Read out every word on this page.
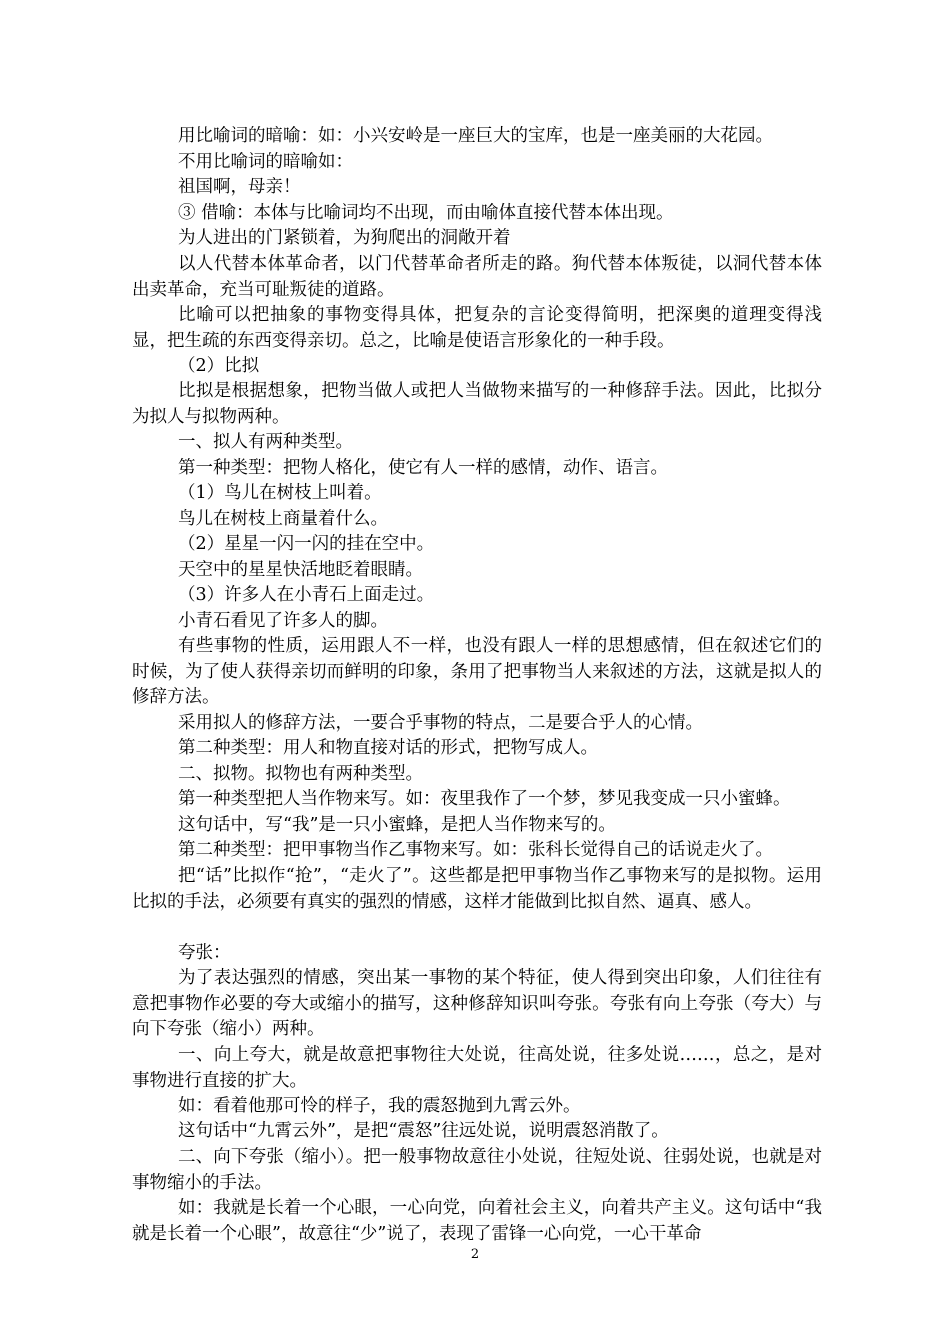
用比喻词的暗喻：如：小兴安岭是一座巨大的宝库，也是一座美丽的大花园。

不用比喻词的暗喻如：

祖国啊，母亲！

③ 借喻：本体与比喻词均不出现，而由喻体直接代替本体出现。

为人进出的门紧锁着，为狗爬出的洞敞开着

以人代替本体革命者，以门代替革命者所走的路。狗代替本体叛徒，以洞代替本体出卖革命，充当可耻叛徒的道路。

比喻可以把抽象的事物变得具体，把复杂的言论变得简明，把深奥的道理变得浅显，把生疏的东西变得亲切。总之，比喻是使语言形象化的一种手段。

（2）比拟

比拟是根据想象，把物当做人或把人当做物来描写的一种修辞手法。因此，比拟分为拟人与拟物两种。

一、拟人有两种类型。

第一种类型：把物人格化，使它有人一样的感情，动作、语言。

（1）鸟儿在树枝上叫着。

鸟儿在树枝上商量着什么。

（2）星星一闪一闪的挂在空中。

天空中的星星快活地眨着眼睛。

（3）许多人在小青石上面走过。

小青石看见了许多人的脚。

有些事物的性质，运用跟人不一样，也没有跟人一样的思想感情，但在叙述它们的时候，为了使人获得亲切而鲜明的印象，条用了把事物当人来叙述的方法，这就是拟人的修辞方法。

采用拟人的修辞方法，一要合乎事物的特点，二是要合乎人的心情。

第二种类型：用人和物直接对话的形式，把物写成人。

二、拟物。拟物也有两种类型。

第一种类型把人当作物来写。如：夜里我作了一个梦，梦见我变成一只小蜜蜂。

这句话中，写“我”是一只小蜜蜂，是把人当作物来写的。

第二种类型：把甲事物当作乙事物来写。如：张科长觉得自己的话说走火了。

把“话”比拟作“抢”，“走火了”。这些都是把甲事物当作乙事物来写的是拟物。运用比拟的手法，必须要有真实的强烈的情感，这样才能做到比拟自然、逼真、感人。

夸张：

为了表达强烈的情感，突出某一事物的某个特征，使人得到突出印象，人们往往有意把事物作必要的夸大或缩小的描写，这种修辞知识叫夸张。夸张有向上夸张（夸大）与向下夸张（缩小）两种。

一、向上夸大，就是故意把事物往大处说，往高处说，往多处说……，总之，是对事物进行直接的扩大。

如：看着他那可怜的样子，我的震怒抛到九霄云外。

这句话中“九霄云外”，是把“震怒”往远处说，说明震怒消散了。

二、向下夸张（缩小）。把一般事物故意往小处说，往短处说、往弱处说，也就是对事物缩小的手法。

如：我就是长着一个心眼，一心向党，向着社会主义，向着共产主义。这句话中“我就是长着一个心眼”，故意往“少”说了，表现了雷锋一心向党，一心干革命

2
